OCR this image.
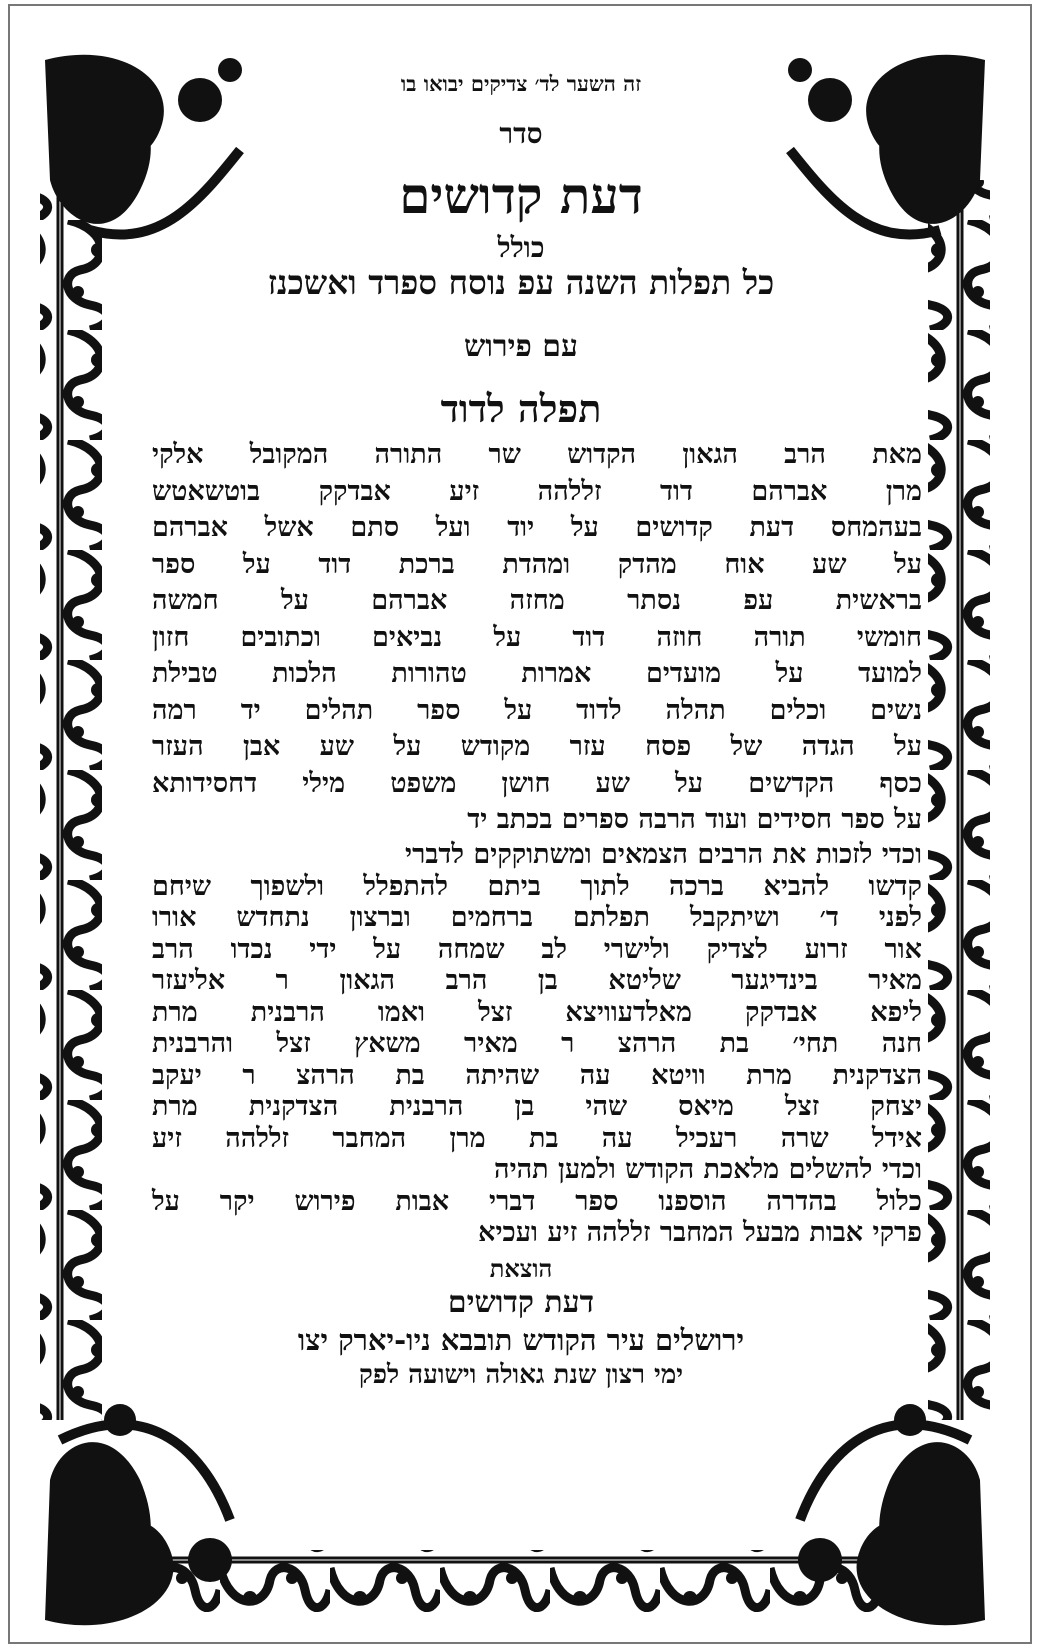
זה השער לד׳ צדיקים יבואו בו
סדר
דעת קדושים
כולל
כל תפלות השנה עפ נוסח ספרד ואשכנז
עם פירוש
תפלה לדוד
מאת הרב הגאון הקדוש שר התורה המקובל אלקי
מרן אברהם דוד זללהה זיע אבדקק בוטשאטש
בעהמחס דעת קדושים על יוד ועל סתם אשל אברהם
על שע אוח מהדק ומהדת ברכת דוד על ספר
בראשית עפ נסתר מחזה אברהם על חמשה
חומשי תורה חוזה דוד על נביאים וכתובים חזון
למועד על מועדים אמרות טהורות הלכות טבילת
נשים וכלים תהלה לדוד על ספר תהלים יד רמה
על הגדה של פסח עזר מקודש על שע אבן העזר
כסף הקדשים על שע חושן משפט מילי דחסידותא
על ספר חסידים ועוד הרבה ספרים בכתב יד
וכדי לזכות את הרבים הצמאים ומשתוקקים לדברי
קדשו להביא ברכה לתוך ביתם להתפלל ולשפוך שיחם
לפני ד׳ ושיתקבל תפלתם ברחמים וברצון נתחדש אורו
אור זרוע לצדיק ולישרי לב שמחה על ידי נכדו הרב
מאיר בינדיגער שליטא בן הרב הגאון ר אליעזר
ליפא אבדקק מאלדעוויצא זצל ואמו הרבנית מרת
חנה תחי׳ בת הרהצ ר מאיר משאץ זצל והרבנית
הצדקנית מרת וויטא עה שהיתה בת הרהצ ר יעקב
יצחק זצל מיאס שהי בן הרבנית הצדקנית מרת
אידל שרה רעכיל עה בת מרן המחבר זללהה זיע
וכדי להשלים מלאכת הקודש ולמען תהיה
כלול בהדרה הוספנו ספר דברי אבות פירוש יקר על
פרקי אבות מבעל המחבר זללהה זיע ועכיא
הוצאת
דעת קדושים
ירושלים עיר הקודש תובבא ניו-יארק יצו
ימי רצון שנת גאולה וישועה לפק
